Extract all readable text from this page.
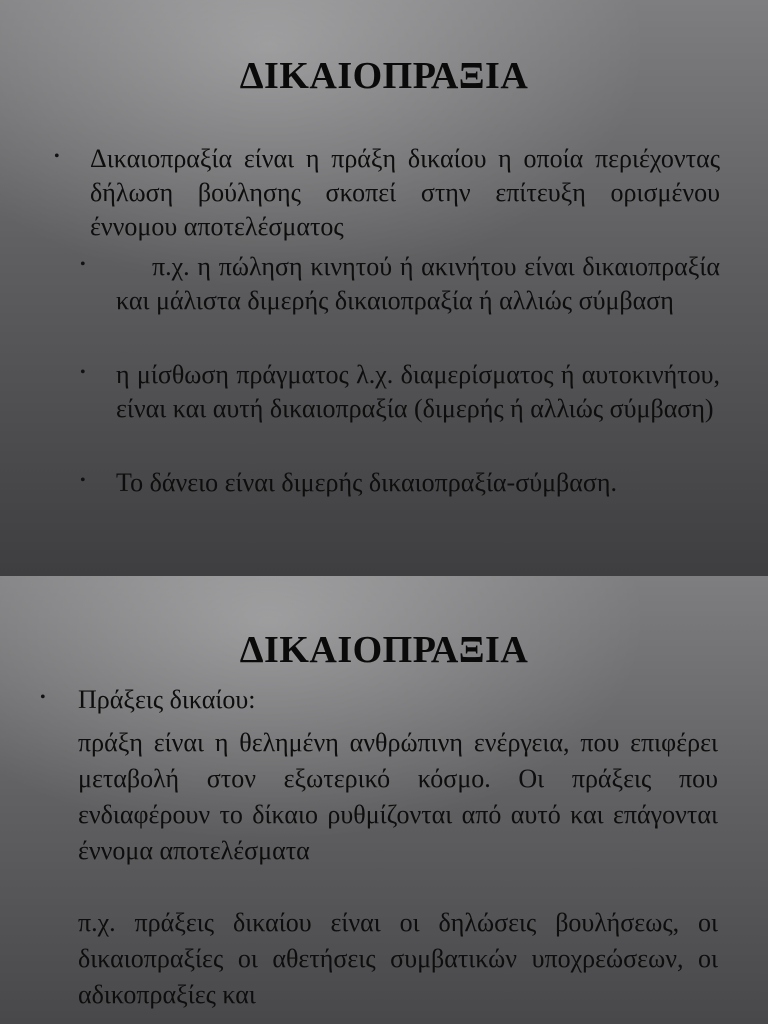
ΔΙΚΑΙΟΠΡΑΞΙΑ
• Δικαιοπραξία είναι η πράξη δικαίου η οποία περιέχοντας δήλωση βούλησης σκοπεί στην επίτευξη ορισμένου έννομου αποτελέσματος
•	π.χ. η πώληση κινητού ή ακινήτου είναι δικαιοπραξία και μάλιστα διμερής δικαιοπραξία ή αλλιώς σύμβαση
• η μίσθωση πράγματος λ.χ. διαμερίσματος ή αυτοκινήτου, είναι και αυτή δικαιοπραξία (διμερής ή αλλιώς σύμβαση)
• Το δάνειο είναι διμερής δικαιοπραξία-σύμβαση.
ΔΙΚΑΙΟΠΡΑΞΙΑ
• Πράξεις δικαίου:
πράξη είναι η θελημένη ανθρώπινη ενέργεια, που επιφέρει μεταβολή στον εξωτερικό κόσμο. Οι πράξεις που ενδιαφέρουν το δίκαιο ρυθμίζονται από αυτό και επάγονται έννομα αποτελέσματα
π.χ. πράξεις δικαίου είναι οι δηλώσεις βουλήσεως, οι δικαιοπραξίες οι αθετήσεις συμβατικών υποχρεώσεων, οι αδικοπραξίες και
